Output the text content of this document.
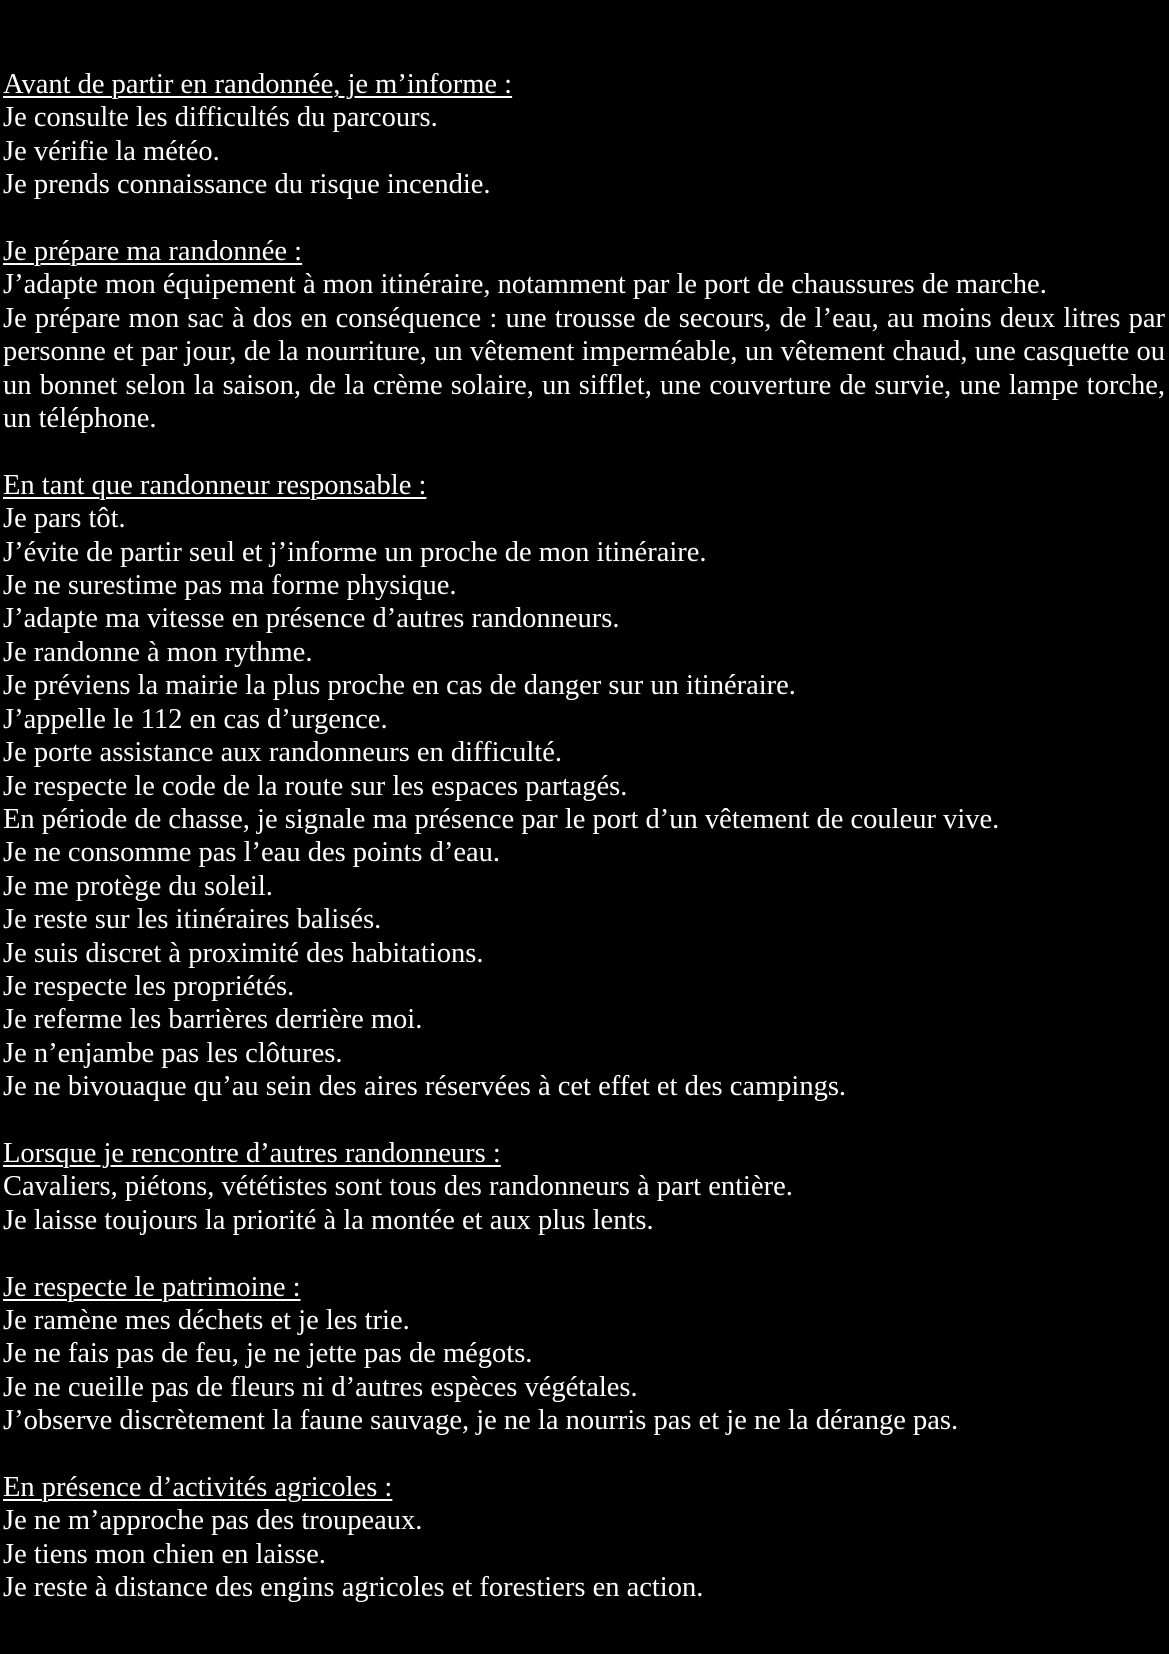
Avant de partir en randonnée, je m’informe :
Je consulte les difficultés du parcours.
Je vérifie la météo.
Je prends connaissance du risque incendie.
Je prépare ma randonnée :
J’adapte mon équipement à mon itinéraire, notamment par le port de chaussures de marche.
Je prépare mon sac à dos en conséquence : une trousse de secours, de l’eau, au moins deux litres par personne et par jour, de la nourriture, un vêtement imperméable, un vêtement chaud, une casquette ou un bonnet selon la saison, de la crème solaire, un sifflet, une couverture de survie, une lampe torche, un téléphone.
En tant que randonneur responsable :
Je pars tôt.
J’évite de partir seul et j’informe un proche de mon itinéraire.
Je ne surestime pas ma forme physique.
J’adapte ma vitesse en présence d’autres randonneurs.
Je randonne à mon rythme.
Je préviens la mairie la plus proche en cas de danger sur un itinéraire.
J’appelle le 112 en cas d’urgence.
Je porte assistance aux randonneurs en difficulté.
Je respecte le code de la route sur les espaces partagés.
En période de chasse, je signale ma présence par le port d’un vêtement de couleur vive.
Je ne consomme pas l’eau des points d’eau.
Je me protège du soleil.
Je reste sur les itinéraires balisés.
Je suis discret à proximité des habitations.
Je respecte les propriétés.
Je referme les barrières derrière moi.
Je n’enjambe pas les clôtures.
Je ne bivouaque qu’au sein des aires réservées à cet effet et des campings.
Lorsque je rencontre d’autres randonneurs :
Cavaliers, piétons, vététistes sont tous des randonneurs à part entière.
Je laisse toujours la priorité à la montée et aux plus lents.
Je respecte le patrimoine :
Je ramène mes déchets et je les trie.
Je ne fais pas de feu, je ne jette pas de mégots.
Je ne cueille pas de fleurs ni d’autres espèces végétales.
J’observe discrètement la faune sauvage, je ne la nourris pas et je ne la dérange pas.
En présence d’activités agricoles :
Je ne m’approche pas des troupeaux.
Je tiens mon chien en laisse.
Je reste à distance des engins agricoles et forestiers en action.
